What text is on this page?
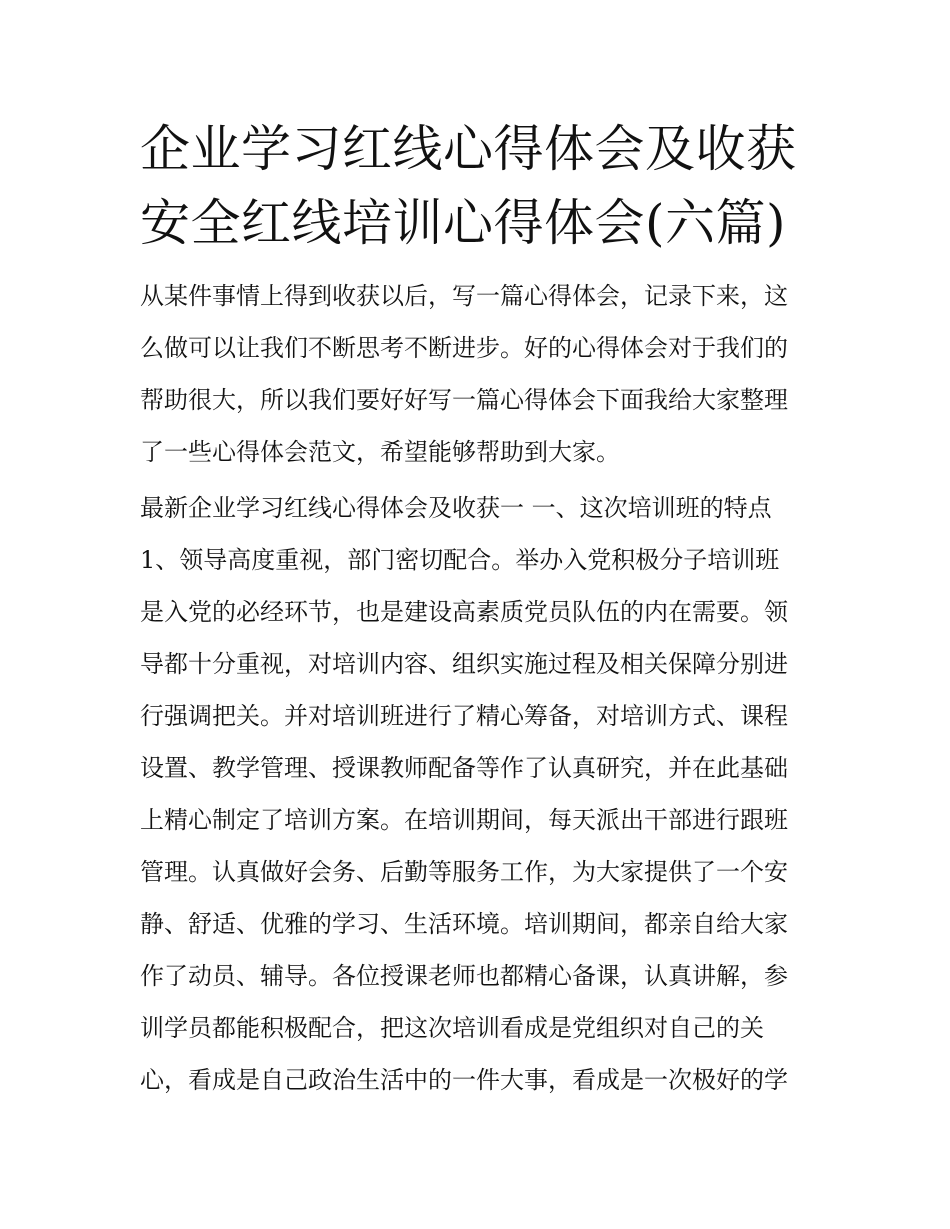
企业学习红线心得体会及收获
安全红线培训心得体会(六篇)
从某件事情上得到收获以后，写一篇心得体会，记录下来，这
么做可以让我们不断思考不断进步。好的心得体会对于我们的
帮助很大，所以我们要好好写一篇心得体会下面我给大家整理
了一些心得体会范文，希望能够帮助到大家。
最新企业学习红线心得体会及收获一 一、这次培训班的特点
1、领导高度重视，部门密切配合。举办入党积极分子培训班
是入党的必经环节，也是建设高素质党员队伍的内在需要。领
导都十分重视，对培训内容、组织实施过程及相关保障分别进
行强调把关。并对培训班进行了精心筹备，对培训方式、课程
设置、教学管理、授课教师配备等作了认真研究，并在此基础
上精心制定了培训方案。在培训期间，每天派出干部进行跟班
管理。认真做好会务、后勤等服务工作，为大家提供了一个安
静、舒适、优雅的学习、生活环境。培训期间，都亲自给大家
作了动员、辅导。各位授课老师也都精心备课，认真讲解，参
训学员都能积极配合，把这次培训看成是党组织对自己的关
心，看成是自己政治生活中的一件大事，看成是一次极好的学
